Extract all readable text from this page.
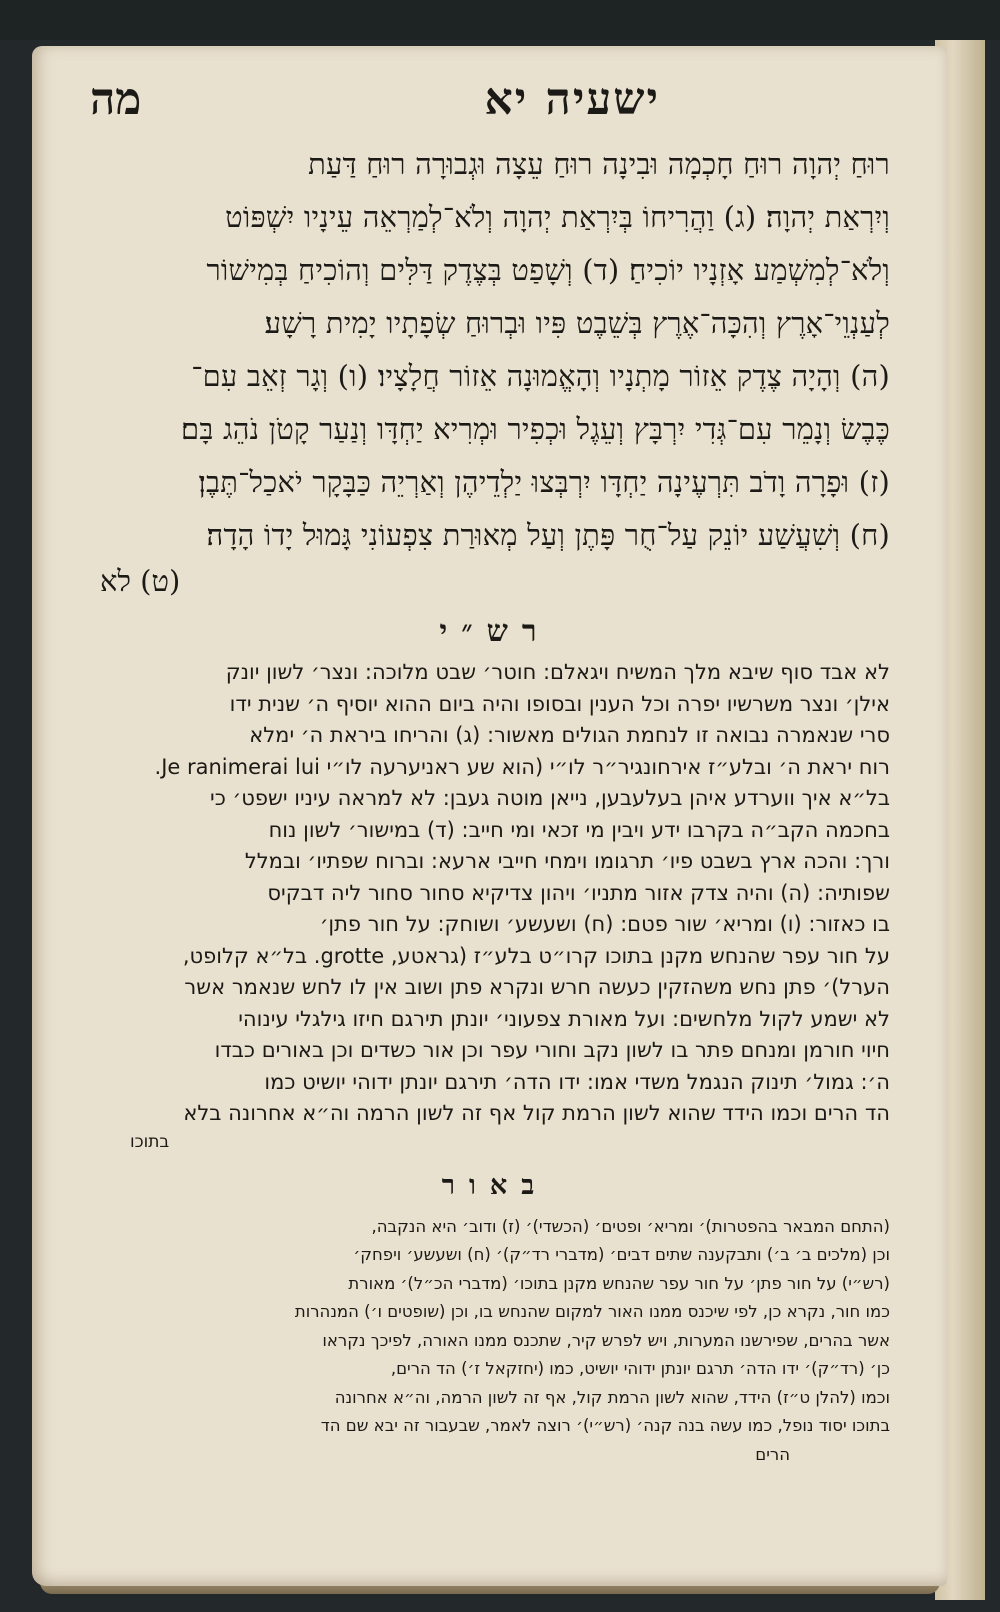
ישעיה יא
מה
רוּחַ יְהוָה רוּחַ חָכְמָה וּבִינָה רוּחַ עֵצָה וּגְבוּרָה רוּחַ דַּעַת
וְיִרְאַת יְהוָה׃ (ג) וַהֲרִיחוֹ בְּיִרְאַת יְהוָה וְלֹא־לְמַרְאֵה עֵינָיו יִשְׁפּוֹט
וְלֹא־לְמִשְׁמַע אָזְנָיו יוֹכִיחַ׃ (ד) וְשָׁפַט בְּצֶדֶק דַּלִּים וְהוֹכִיחַ בְּמִישׁוֹר
לְעַנְוֵי־אָרֶץ וְהִכָּה־אֶרֶץ בְּשֵׁבֶט פִּיו וּבְרוּחַ שְׂפָתָיו יָמִית רָשָׁע׃
(ה) וְהָיָה צֶדֶק אֵזוֹר מָתְנָיו וְהָאֱמוּנָה אֵזוֹר חֲלָצָיו׃ (ו) וְגָר זְאֵב עִם־
כֶּבֶשׂ וְנָמֵר עִם־גְּדִי יִרְבָּץ וְעֵגֶל וּכְפִיר וּמְרִיא יַחְדָּו וְנַעַר קָטֹן נֹהֵג בָּם׃
(ז) וּפָרָה וָדֹב תִּרְעֶינָה יַחְדָּו יִרְבְּצוּ יַלְדֵיהֶן וְאַרְיֵה כַּבָּקָר יֹאכַל־תֶּבֶן׃
(ח) וְשִׁעֲשַׁע יוֹנֵק עַל־חֻר פָּתֶן וְעַל מְאוּרַת צִפְעוֹנִי גָּמוּל יָדוֹ הָדָה׃
(ט) לא
רש״י
לא אבד סוף שיבא מלך המשיח ויגאלם: חוטר׳ שבט מלוכה: ונצר׳ לשון יונק
אילן׳ ונצר משרשיו יפרה וכל הענין ובסופו והיה ביום ההוא יוסיף ה׳ שנית ידו
סרי שנאמרה נבואה זו לנחמת הגולים מאשור: (ג) והריחו ביראת ה׳ ימלא
רוח יראת ה׳ ובלע״ז אירחונגיר״ר לו״י (הוא שע ראניערעה לו״י Je ranimerai lui.
בל״א איך ווערדע איהן בעלעבען, נייאן מוטה געבן: לא למראה עיניו ישפט׳ כי
בחכמה הקב״ה בקרבו ידע ויבין מי זכאי ומי חייב: (ד) במישור׳ לשון נוח
ורך: והכה ארץ בשבט פיו׳ תרגומו וימחי חייבי ארעא: וברוח שפתיו׳ ובמלל
שפותיה: (ה) והיה צדק אזור מתניו׳ ויהון צדיקיא סחור סחור ליה דבקיס
בו כאזור: (ו) ומריא׳ שור פטם: (ח) ושעשע׳ ושוחק: על חור פתן׳
על חור עפר שהנחש מקנן בתוכו קרו״ט בלע״ז (גראטע, grotte. בל״א קלופט,
הערל)׳ פתן נחש משהזקין כעשה חרש ונקרא פתן ושוב אין לו לחש שנאמר אשר
לא ישמע לקול מלחשים: ועל מאורת צפעוני׳ יונתן תירגם חיזו גילגלי עינוהי
חיוי חורמן ומנחם פתר בו לשון נקב וחורי עפר וכן אור כשדים וכן באורים כבדו
ה׳: גמול׳ תינוק הנגמל משדי אמו: ידו הדה׳ תירגם יונתן ידוהי יושיט כמו
הד הרים וכמו הידד שהוא לשון הרמת קול אף זה לשון הרמה וה״א אחרונה בלא
בתוכו
באור
(התחם המבאר בהפטרות)׳ ומריא׳ ופטים׳ (הכשדי)׳ (ז) ודוב׳ היא הנקבה,
וכן (מלכים ב׳ ב׳) ותבקענה שתים דבים׳ (מדברי רד״ק)׳ (ח) ושעשע׳ ויפחק׳
(רש״י) על חור פתן׳ על חור עפר שהנחש מקנן בתוכו׳ (מדברי הכ״ל)׳ מאורת
כמו חור, נקרא כן, לפי שיכנס ממנו האור למקום שהנחש בו, וכן (שופטים ו׳) המנהרות
אשר בהרים, שפירשנו המערות, ויש לפרש קיר, שתכנס ממנו האורה, לפיכך נקראו
כן׳ (רד״ק)׳ ידו הדה׳ תרגם יונתן ידוהי יושיט, כמו (יחזקאל ז׳) הד הרים,
וכמו (להלן ט״ז) הידד, שהוא לשון הרמת קול, אף זה לשון הרמה, וה״א אחרונה
בתוכו יסוד נופל, כמו עשה בנה קנה׳ (רש״י)׳ רוצה לאמר, שבעבור זה יבא שם הד
הרים
